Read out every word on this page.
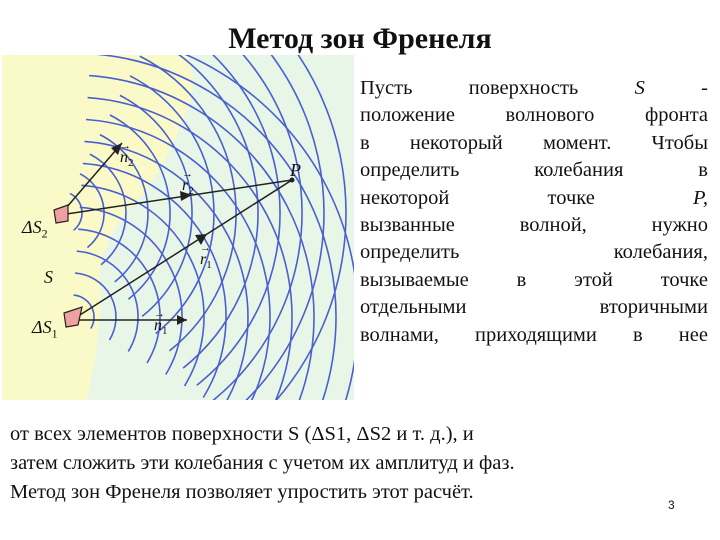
Метод зон Френеля
P
S
$\Delta S_1$
$\Delta S_2$
→
$n_1$
→
$n_2$
→
$r_1$
→
$r_2$
Пусть	поверхность	S	-
положение волнового фронта
в некоторый момент. Чтобы
определить	колебания	в
некоторой	точке	P,
вызванные	волной,	нужно
определить	колебания,
вызываемые в этой точке
отдельными	вторичными
волнами, приходящими в нее
от всех элементов поверхности S (ΔS1, ΔS2 и т. д.), и
затем сложить эти колебания с учетом их амплитуд и фаз.
Метод зон Френеля позволяет упростить этот расчёт.
3
